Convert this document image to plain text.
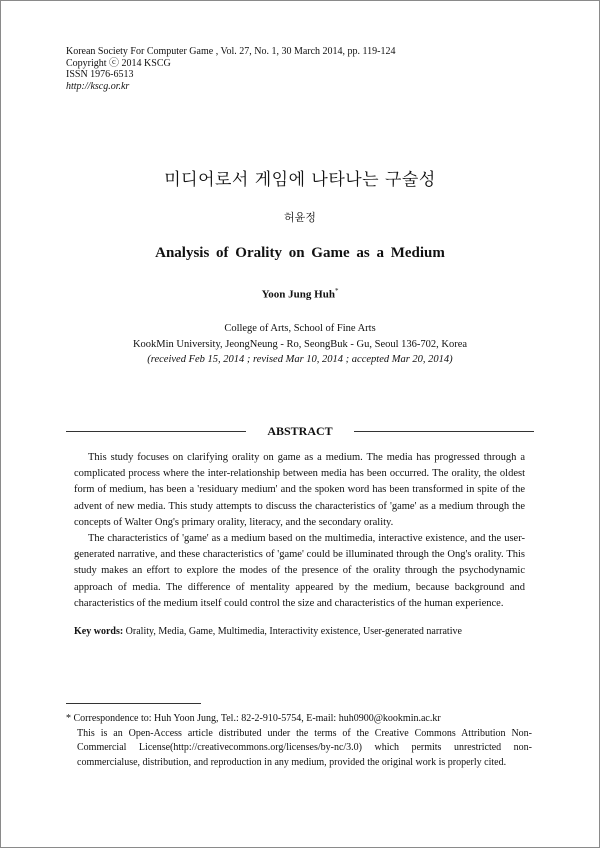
Korean Society For Computer Game , Vol. 27, No. 1, 30 March 2014, pp. 119-124
Copyright ⓒ 2014 KSCG
ISSN 1976-6513
http://kscg.or.kr
미디어로서 게임에 나타나는 구술성
허윤정
Analysis of Orality on Game as a Medium
Yoon Jung Huh*
College of Arts, School of Fine Arts
KookMin University, JeongNeung - Ro, SeongBuk - Gu, Seoul 136-702, Korea
(received Feb 15, 2014 ; revised Mar 10, 2014 ; accepted Mar 20, 2014)
ABSTRACT

This study focuses on clarifying orality on game as a medium. The media has progressed through a complicated process where the inter-relationship between media has been occurred. The orality, the oldest form of medium, has been a 'residuary medium' and the spoken word has been transformed in spite of the advent of new media. This study attempts to discuss the characteristics of 'game' as a medium through the concepts of Walter Ong's primary orality, literacy, and the secondary orality.

The characteristics of 'game' as a medium based on the multimedia, interactive existence, and the user-generated narrative, and these characteristics of 'game' could be illuminated through the Ong's orality. This study makes an effort to explore the modes of the presence of the orality through the psychodynamic approach of media. The difference of mentality appeared by the medium, because background and characteristics of the medium itself could control the size and characteristics of the human experience.

Key words: Orality, Media, Game, Multimedia, Interactivity existence, User-generated narrative
* Correspondence to: Huh Yoon Jung, Tel.: 82-2-910-5754, E-mail: huh0900@kookmin.ac.kr
This is an Open-Access article distributed under the terms of the Creative Commons Attribution Non-Commercial License(http://creativecommons.org/licenses/by-nc/3.0) which permits unrestricted non-commercialuse, distribution, and reproduction in any medium, provided the original work is properly cited.
